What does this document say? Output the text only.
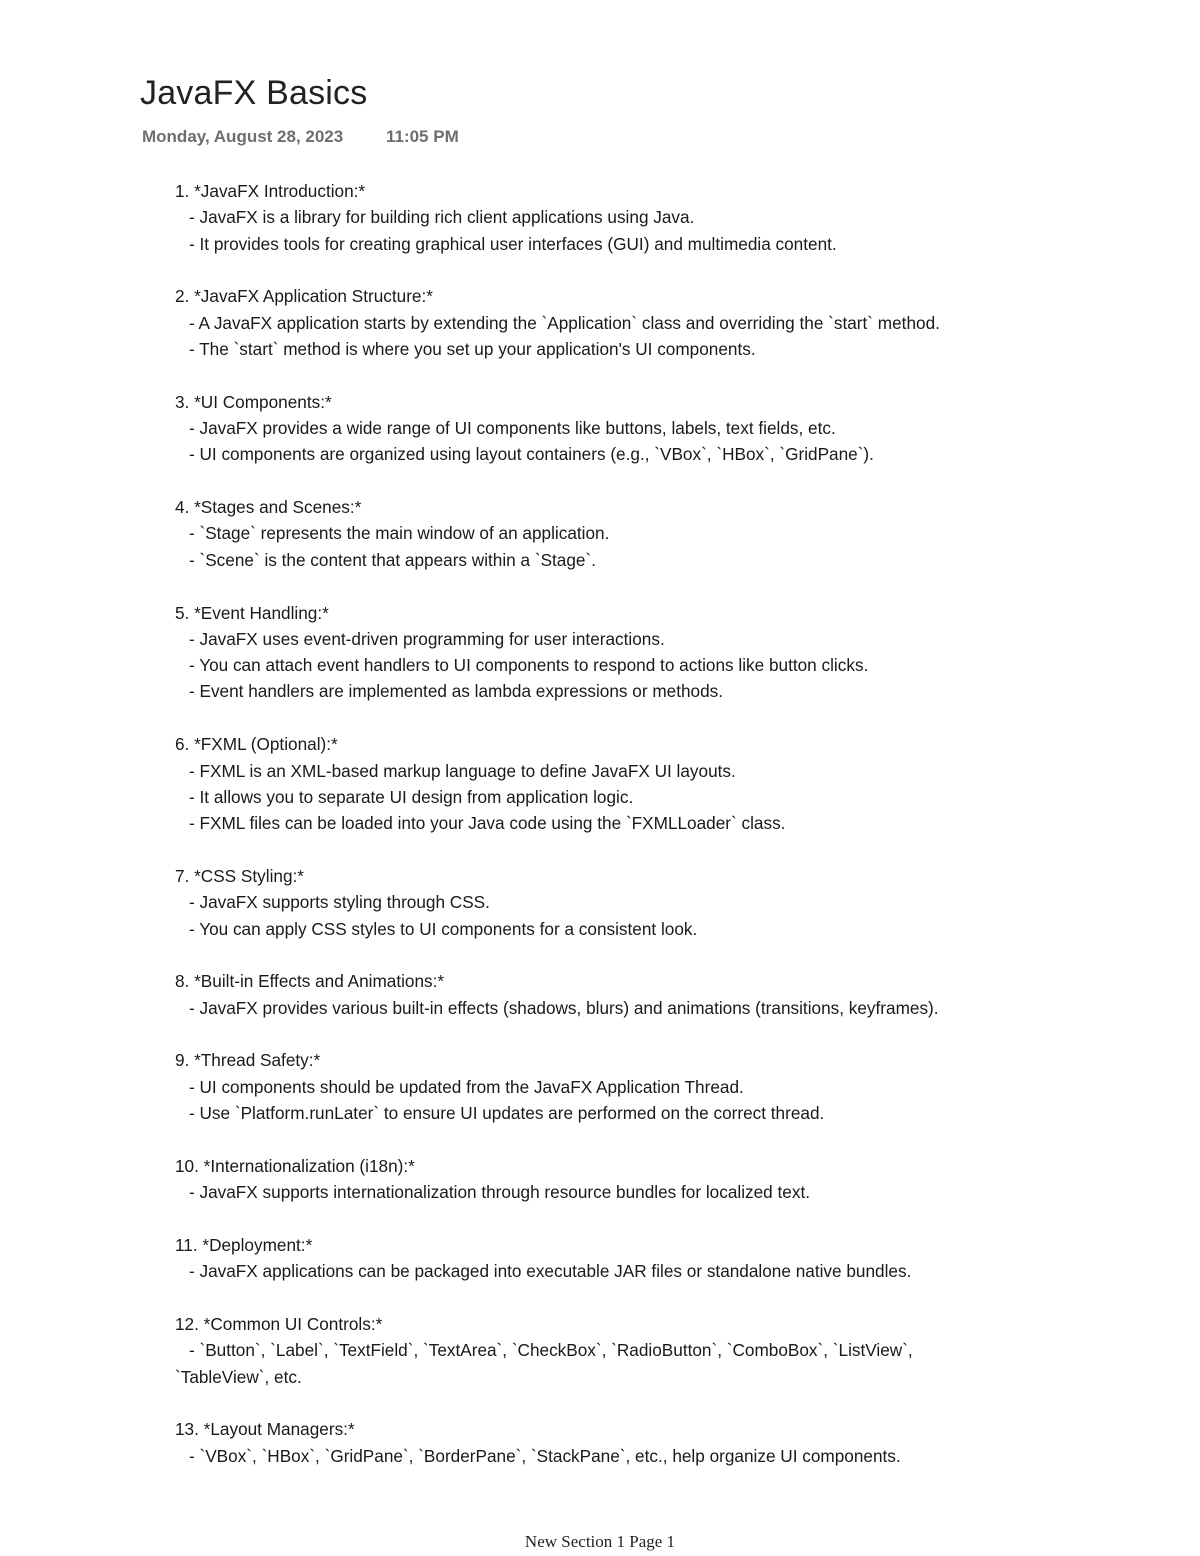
JavaFX Basics
Monday, August 28, 2023	11:05 PM
1. *JavaFX Introduction:*
- JavaFX is a library for building rich client applications using Java.
- It provides tools for creating graphical user interfaces (GUI) and multimedia content.
2. *JavaFX Application Structure:*
- A JavaFX application starts by extending the `Application` class and overriding the `start` method.
- The `start` method is where you set up your application's UI components.
3. *UI Components:*
- JavaFX provides a wide range of UI components like buttons, labels, text fields, etc.
- UI components are organized using layout containers (e.g., `VBox`, `HBox`, `GridPane`).
4. *Stages and Scenes:*
- `Stage` represents the main window of an application.
- `Scene` is the content that appears within a `Stage`.
5. *Event Handling:*
- JavaFX uses event-driven programming for user interactions.
- You can attach event handlers to UI components to respond to actions like button clicks.
- Event handlers are implemented as lambda expressions or methods.
6. *FXML (Optional):*
- FXML is an XML-based markup language to define JavaFX UI layouts.
- It allows you to separate UI design from application logic.
- FXML files can be loaded into your Java code using the `FXMLLoader` class.
7. *CSS Styling:*
- JavaFX supports styling through CSS.
- You can apply CSS styles to UI components for a consistent look.
8. *Built-in Effects and Animations:*
- JavaFX provides various built-in effects (shadows, blurs) and animations (transitions, keyframes).
9. *Thread Safety:*
- UI components should be updated from the JavaFX Application Thread.
- Use `Platform.runLater` to ensure UI updates are performed on the correct thread.
10. *Internationalization (i18n):*
- JavaFX supports internationalization through resource bundles for localized text.
11. *Deployment:*
- JavaFX applications can be packaged into executable JAR files or standalone native bundles.
12. *Common UI Controls:*
- `Button`, `Label`, `TextField`, `TextArea`, `CheckBox`, `RadioButton`, `ComboBox`, `ListView`,
`TableView`, etc.
13. *Layout Managers:*
- `VBox`, `HBox`, `GridPane`, `BorderPane`, `StackPane`, etc., help organize UI components.
New Section 1 Page 1
